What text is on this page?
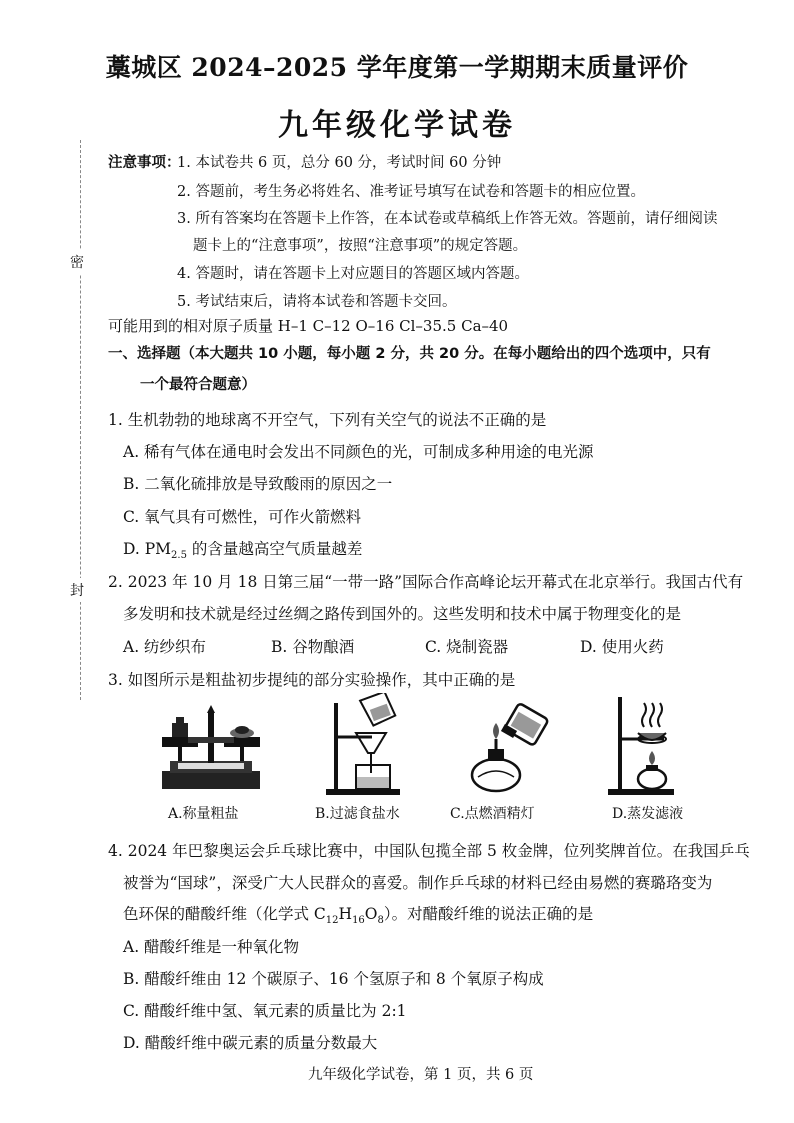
密
封
藁城区 2024–2025 学年度第一学期期末质量评价
九年级化学试卷
注意事项：
1. 本试卷共 6 页，总分 60 分，考试时间 60 分钟
2. 答题前，考生务必将姓名、准考证号填写在试卷和答题卡的相应位置。
3. 所有答案均在答题卡上作答，在本试卷或草稿纸上作答无效。答题前，请仔细阅读
题卡上的“注意事项”，按照“注意事项”的规定答题。
4. 答题时，请在答题卡上对应题目的答题区域内答题。
5. 考试结束后，请将本试卷和答题卡交回。
可能用到的相对原子质量 H–1 C–12 O–16 Cl–35.5 Ca–40
一、选择题（本大题共 10 小题，每小题 2 分，共 20 分。在每小题给出的四个选项中，只有
一个最符合题意）
1. 生机勃勃的地球离不开空气，下列有关空气的说法不正确的是
A. 稀有气体在通电时会发出不同颜色的光，可制成多种用途的电光源
B. 二氧化硫排放是导致酸雨的原因之一
C. 氧气具有可燃性，可作火箭燃料
D. $PM_{2.5}$ 的含量越高空气质量越差
2. 2023 年 10 月 18 日第三届“一带一路”国际合作高峰论坛开幕式在北京举行。我国古代有
多发明和技术就是经过丝绸之路传到国外的。这些发明和技术中属于物理变化的是
A. 纺纱织布	B. 谷物酿酒	C. 烧制瓷器	D. 使用火药
3. 如图所示是粗盐初步提纯的部分实验操作，其中正确的是
A.称量粗盐	B.过滤食盐水	C.点燃酒精灯	D.蒸发滤液
4. 2024 年巴黎奥运会乒乓球比赛中，中国队包揽全部 5 枚金牌，位列奖牌首位。在我国乒乓
被誉为“国球”，深受广大人民群众的喜爱。制作乒乓球的材料已经由易燃的赛璐珞变为
色环保的醋酸纤维（化学式 $C_{12}H_{16}O_8$）。对醋酸纤维的说法正确的是
A. 醋酸纤维是一种氧化物
B. 醋酸纤维由 12 个碳原子、16 个氢原子和 8 个氧原子构成
C. 醋酸纤维中氢、氧元素的质量比为 2:1
D. 醋酸纤维中碳元素的质量分数最大
九年级化学试卷，第 1 页，共 6 页
